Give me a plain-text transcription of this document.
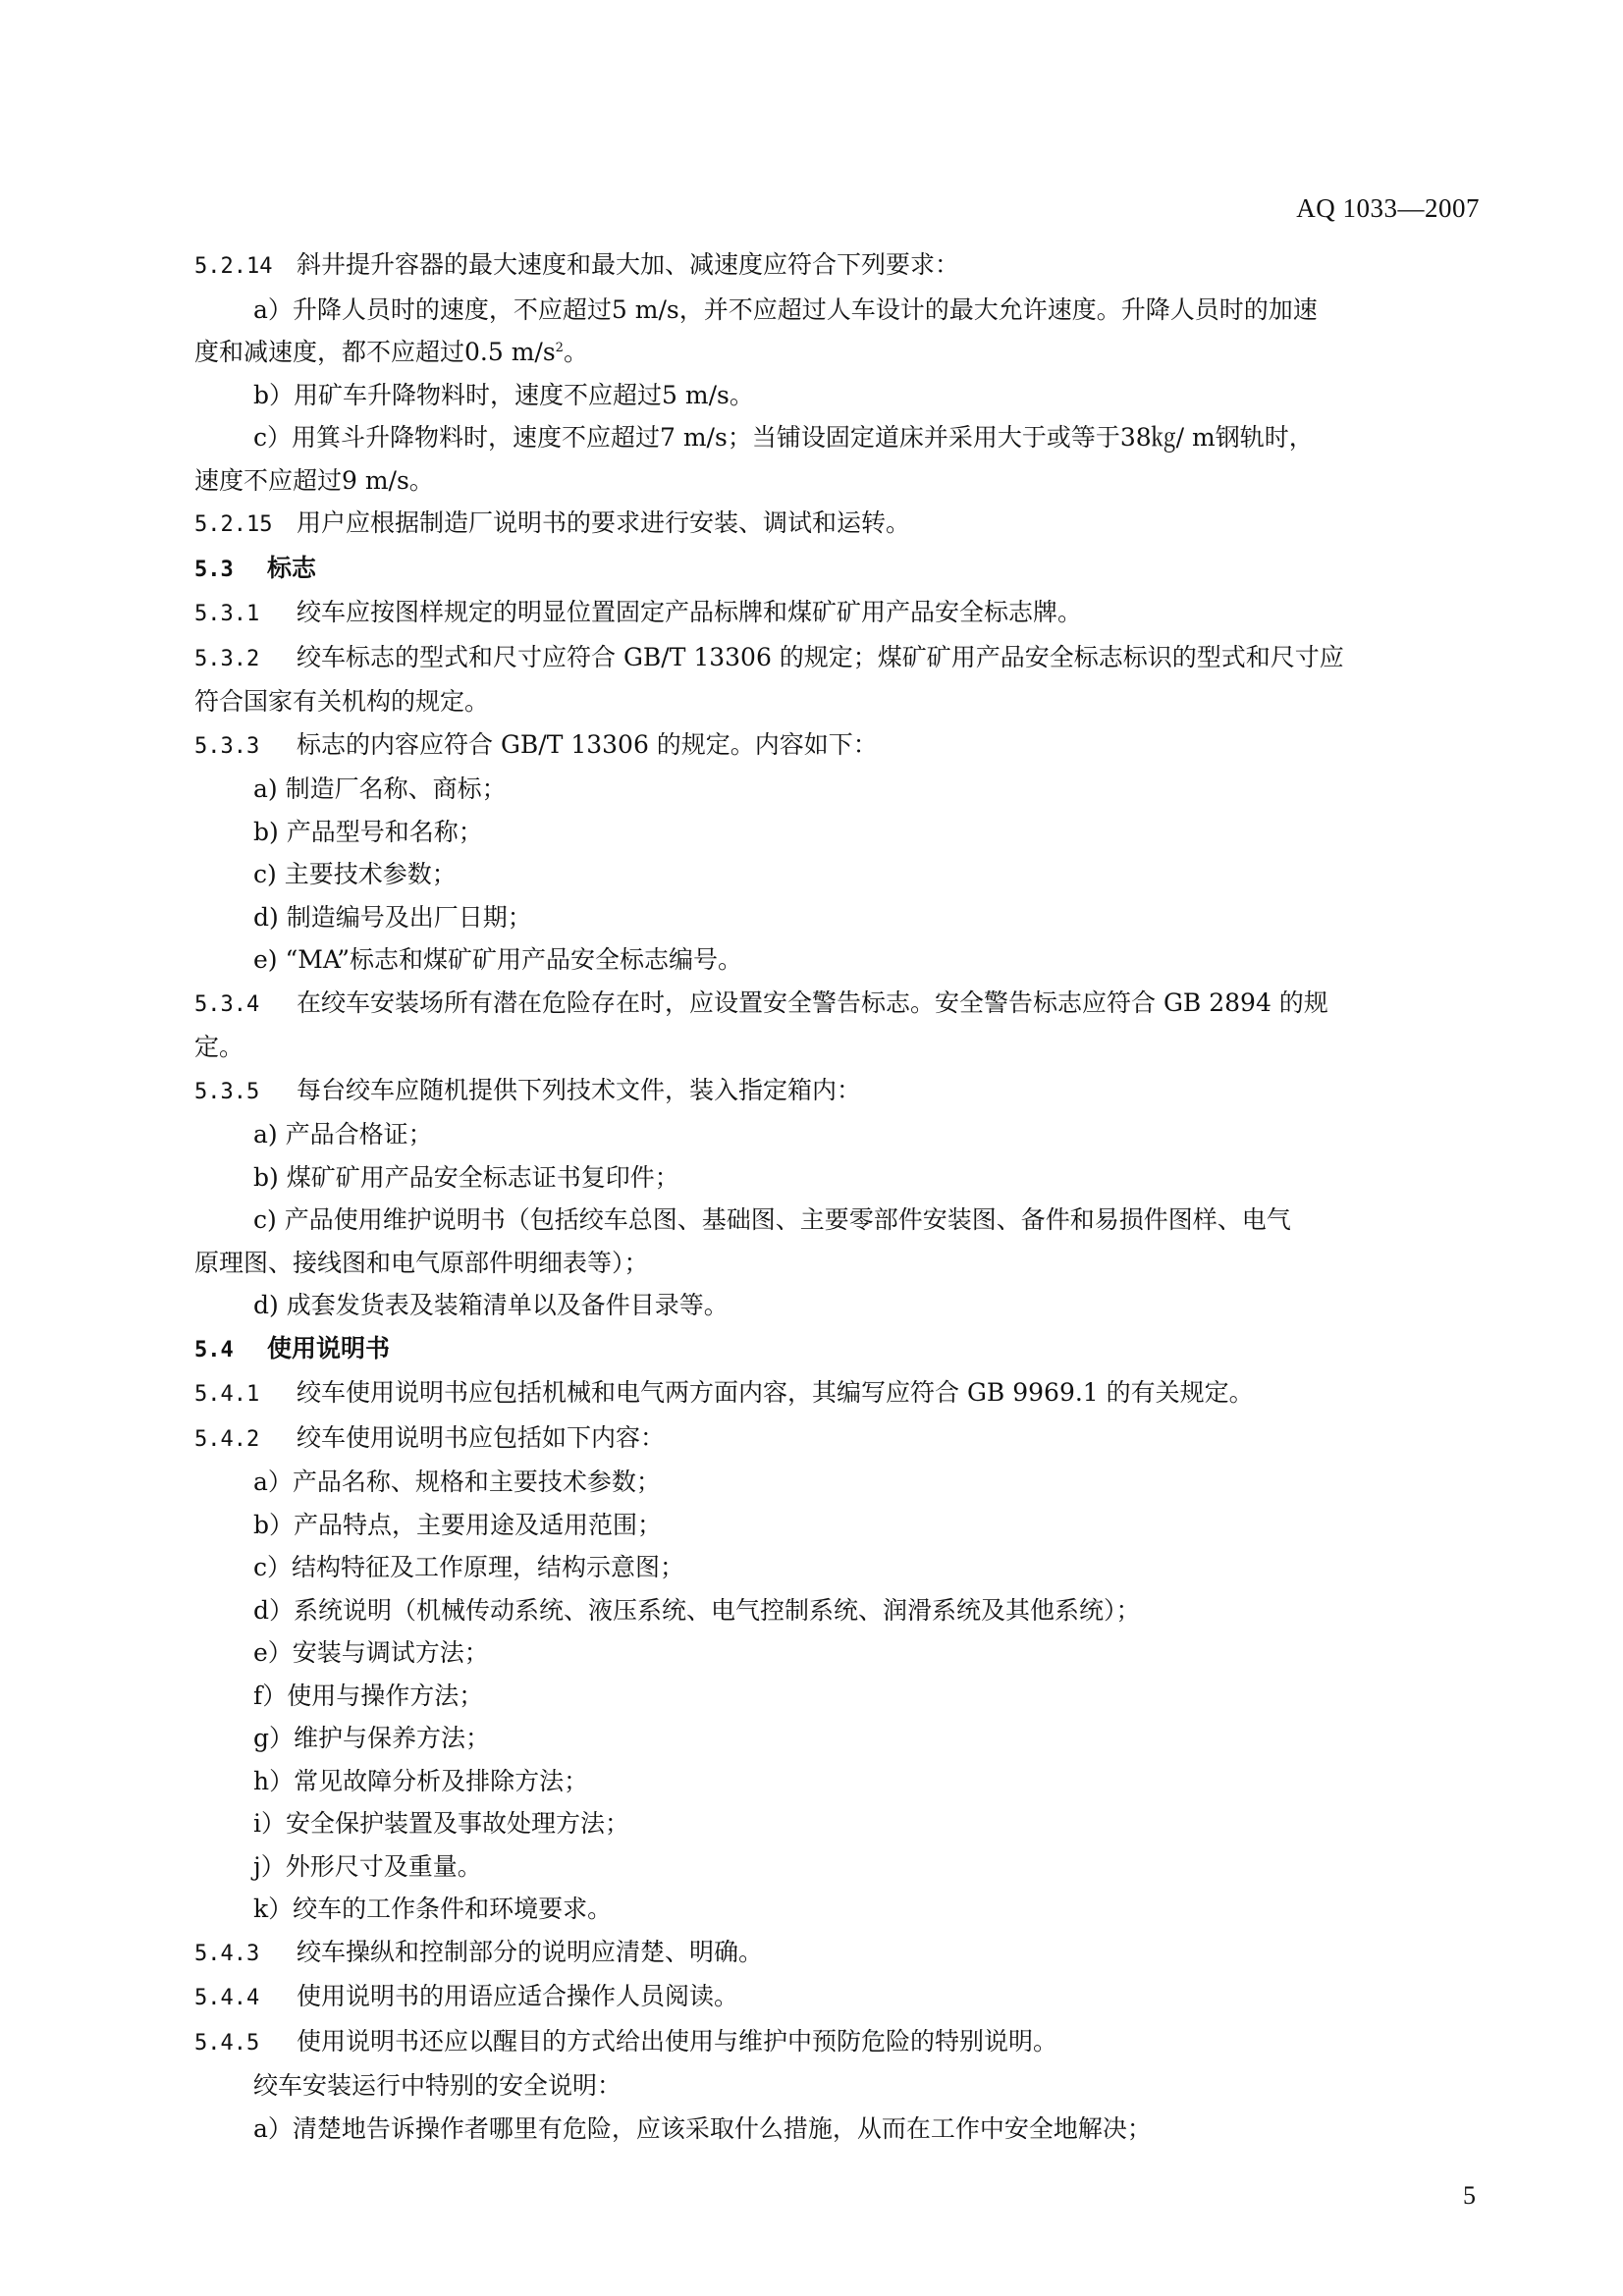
AQ 1033—2007
5.2.14 斜井提升容器的最大速度和最大加、减速度应符合下列要求：
a）升降人员时的速度，不应超过5 m/s，并不应超过人车设计的最大允许速度。升降人员时的加速
度和减速度，都不应超过0.5 $m/s^2$。
b）用矿车升降物料时，速度不应超过5 m/s。
c）用箕斗升降物料时，速度不应超过7 m/s；当铺设固定道床并采用大于或等于38㎏/ m钢轨时，
速度不应超过9 m/s。
5.2.15 用户应根据制造厂说明书的要求进行安装、调试和运转。
5.3 标志
5.3.1 绞车应按图样规定的明显位置固定产品标牌和煤矿矿用产品安全标志牌。
5.3.2 绞车标志的型式和尺寸应符合 GB/T 13306 的规定；煤矿矿用产品安全标志标识的型式和尺寸应
符合国家有关机构的规定。
5.3.3 标志的内容应符合 GB/T 13306 的规定。内容如下：
a) 制造厂名称、商标；
b) 产品型号和名称；
c) 主要技术参数；
d) 制造编号及出厂日期；
e) “MA”标志和煤矿矿用产品安全标志编号。
5.3.4 在绞车安装场所有潜在危险存在时，应设置安全警告标志。安全警告标志应符合 GB 2894 的规
定。
5.3.5 每台绞车应随机提供下列技术文件，装入指定箱内：
a) 产品合格证；
b) 煤矿矿用产品安全标志证书复印件；
c) 产品使用维护说明书（包括绞车总图、基础图、主要零部件安装图、备件和易损件图样、电气
原理图、接线图和电气原部件明细表等）；
d) 成套发货表及装箱清单以及备件目录等。
5.4 使用说明书
5.4.1 绞车使用说明书应包括机械和电气两方面内容，其编写应符合 GB 9969.1 的有关规定。
5.4.2 绞车使用说明书应包括如下内容：
a）产品名称、规格和主要技术参数；
b）产品特点，主要用途及适用范围；
c）结构特征及工作原理，结构示意图；
d）系统说明（机械传动系统、液压系统、电气控制系统、润滑系统及其他系统）；
e）安装与调试方法；
f）使用与操作方法；
g）维护与保养方法；
h）常见故障分析及排除方法；
i）安全保护装置及事故处理方法；
j）外形尺寸及重量。
k）绞车的工作条件和环境要求。
5.4.3 绞车操纵和控制部分的说明应清楚、明确。
5.4.4 使用说明书的用语应适合操作人员阅读。
5.4.5 使用说明书还应以醒目的方式给出使用与维护中预防危险的特别说明。
绞车安装运行中特别的安全说明：
a）清楚地告诉操作者哪里有危险，应该采取什么措施，从而在工作中安全地解决；
5
